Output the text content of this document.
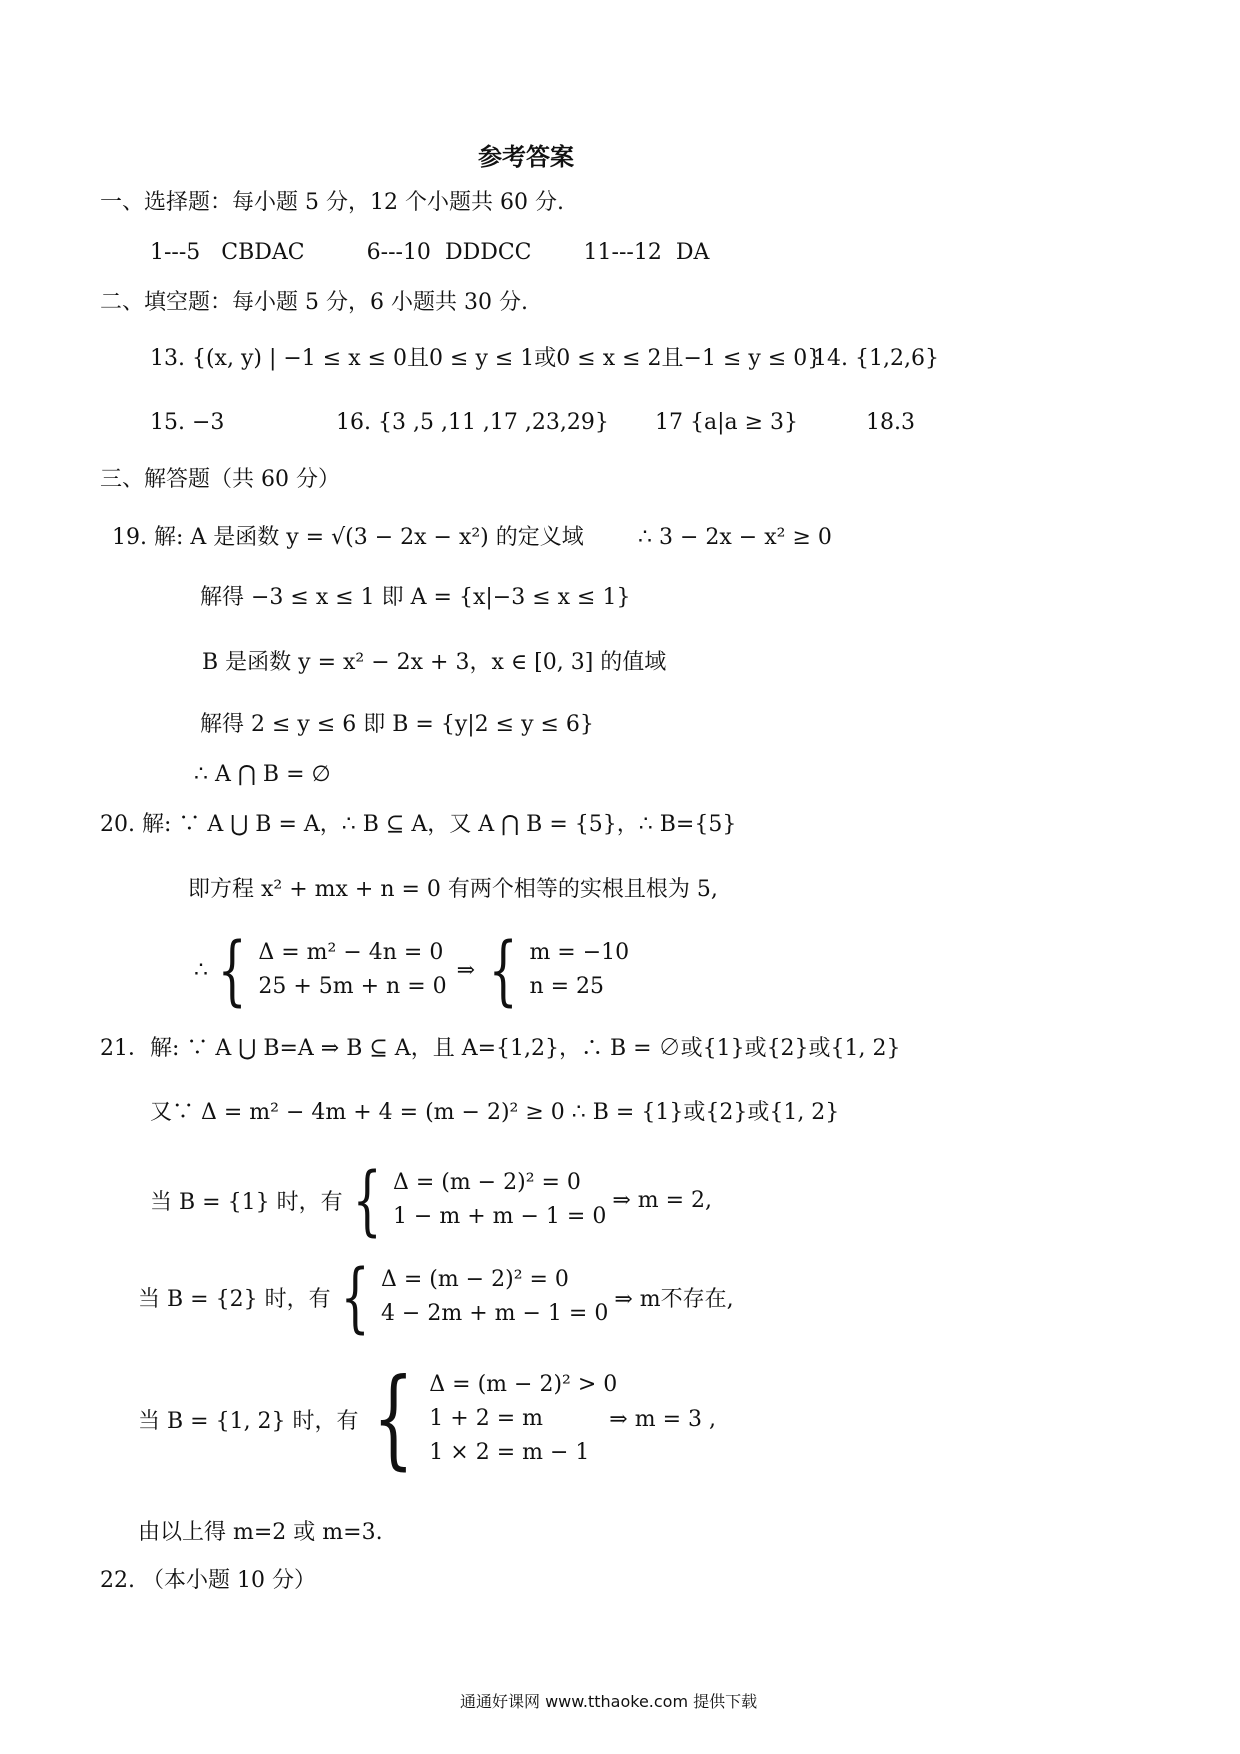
参考答案
一、选择题：每小题 5 分，12 个小题共 60 分.
1---5 CBDAC	6---10 DDDCC 11---12 DA
二、填空题：每小题 5 分，6 小题共 30 分.
13. {(x, y) | −1 ≤ x ≤ 0且0 ≤ y ≤ 1或0 ≤ x ≤ 2且−1 ≤ y ≤ 0}
14. {1,2,6}
15. −3	16. {3 ,5 ,11 ,17 ,23,29} 17 {a|a ≥ 3}	18.3
三、解答题（共 60 分）
19. 解: A 是函数 y = √(3 − 2x − x²) 的定义域 ∴ 3 − 2x − x² ≥ 0
解得 −3 ≤ x ≤ 1 即 A = {x|−3 ≤ x ≤ 1}
B 是函数 y = x² − 2x + 3，x ∈ [0, 3] 的值域
解得 2 ≤ y ≤ 6 即 B = {y|2 ≤ y ≤ 6}
∴ A ⋂ B = ∅
20. 解: ∵ A ⋃ B = A，∴ B ⊆ A，又 A ⋂ B = {5}，∴ B={5}
即方程 x² + mx + n = 0 有两个相等的实根且根为 5,
∴ { Δ = m² − 4n = 0
25 + 5m + n = 0
⇒ { m = −10
n = 25
21．解: ∵ A ⋃ B=A ⇒ B ⊆ A，且 A={1,2}，∴ B = ∅或{1}或{2}或{1, 2}
又∵ Δ = m² − 4m + 4 = (m − 2)² ≥ 0 ∴ B = {1}或{2}或{1, 2}
当 B = {1} 时，有 { Δ = (m − 2)² = 0
1 − m + m − 1 = 0
⇒ m = 2,
当 B = {2} 时，有 { Δ = (m − 2)² = 0
4 − 2m + m − 1 = 0
⇒ m不存在,
当 B = {1, 2} 时，有 { Δ = (m − 2)² > 0
1 + 2 = m
1 × 2 = m − 1
⇒ m = 3 ,
由以上得 m=2 或 m=3.
22. （本小题 10 分）
通通好课网 www.tthaoke.com 提供下载
